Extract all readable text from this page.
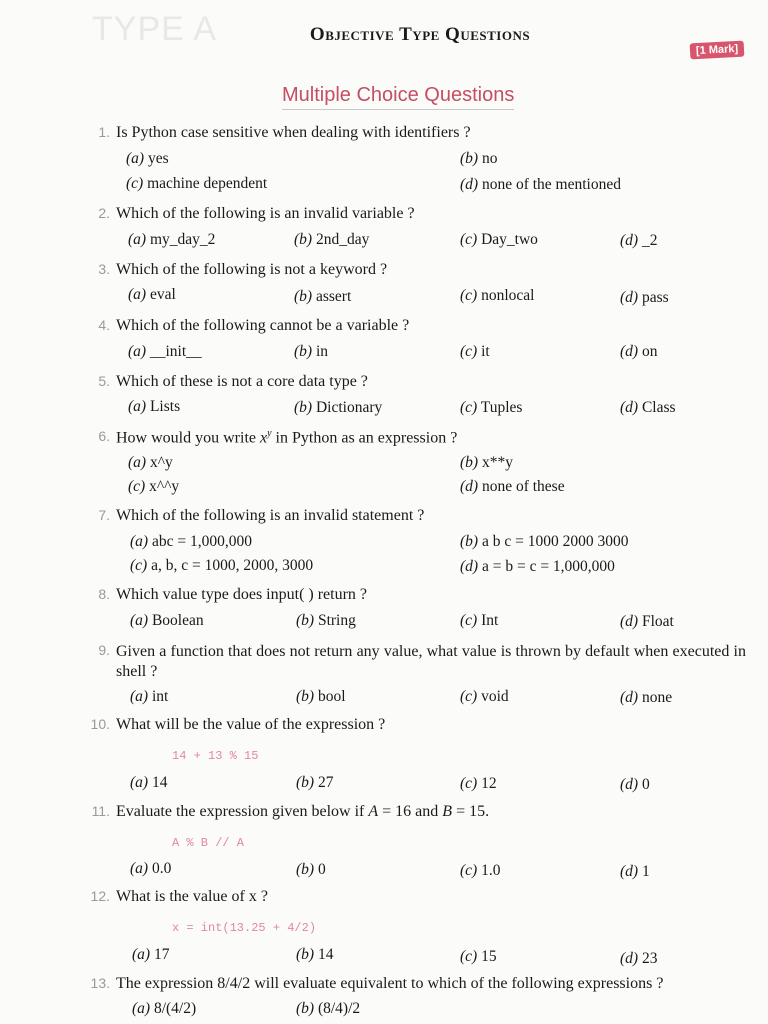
TYPE A	Objective Type Questions
[1 Mark]
Multiple Choice Questions
1. Is Python case sensitive when dealing with identifiers ?
(a) yes	(b) no
(c) machine dependent	(d) none of the mentioned
2. Which of the following is an invalid variable ?
(a) my_day_2	(b) 2nd_day	(c) Day_two	(d) _2
3. Which of the following is not a keyword ?
(a) eval	(b) assert	(c) nonlocal	(d) pass
4. Which of the following cannot be a variable ?
(a) __init__	(b) in	(c) it	(d) on
5. Which of these is not a core data type ?
(a) Lists	(b) Dictionary	(c) Tuples	(d) Class
6. How would you write $x^y$ in Python as an expression ?
(a) x^y	(b) x**y
(c) x^^y	(d) none of these
7. Which of the following is an invalid statement ?
(a) abc = 1,000,000	(b) a b c = 1000 2000 3000
(c) a, b, c = 1000, 2000, 3000	(d) a = b = c = 1,000,000
8. Which value type does input( ) return ?
(a) Boolean	(b) String	(c) Int	(d) Float
9. Given a function that does not return any value, what value is thrown by default when executed in shell ?
(a) int	(b) bool	(c) void	(d) none
10. What will be the value of the expression ?
14 + 13 % 15
(a) 14	(b) 27	(c) 12	(d) 0
11. Evaluate the expression given below if A = 16 and B = 15.
A % B // A
(a) 0.0	(b) 0	(c) 1.0	(d) 1
12. What is the value of x ?
x = int(13.25 + 4/2)
(a) 17	(b) 14	(c) 15	(d) 23
13. The expression 8/4/2 will evaluate equivalent to which of the following expressions ?
(a) 8/(4/2)	(b) (8/4)/2
